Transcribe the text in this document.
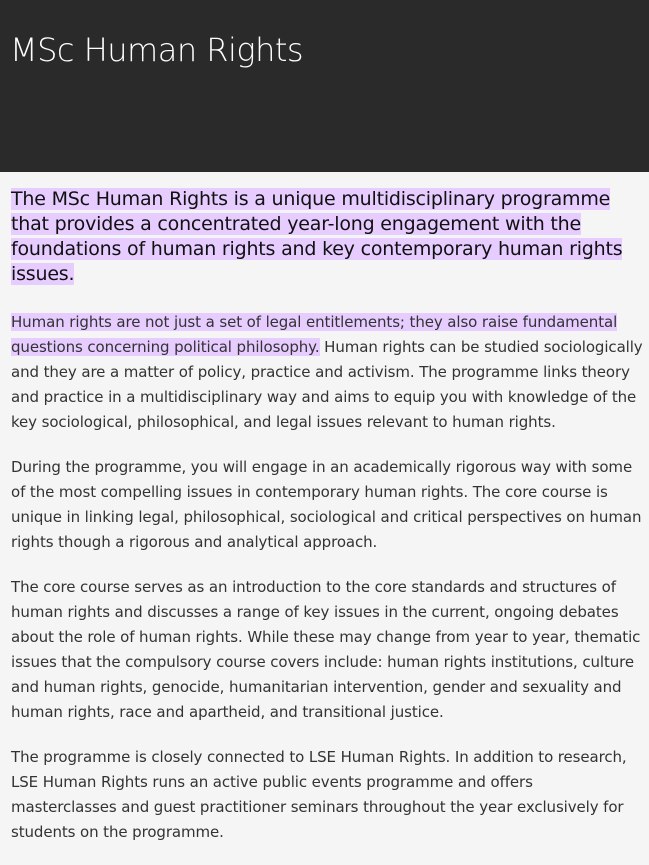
MSc Human Rights

The MSc Human Rights is a unique multidisciplinary programme that provides a concentrated year-long engagement with the foundations of human rights and key contemporary human rights issues.

Human rights are not just a set of legal entitlements; they also raise fundamental questions concerning political philosophy. Human rights can be studied sociologically and they are a matter of policy, practice and activism. The programme links theory and practice in a multidisciplinary way and aims to equip you with knowledge of the key sociological, philosophical, and legal issues relevant to human rights.

During the programme, you will engage in an academically rigorous way with some of the most compelling issues in contemporary human rights. The core course is unique in linking legal, philosophical, sociological and critical perspectives on human rights though a rigorous and analytical approach.

The core course serves as an introduction to the core standards and structures of human rights and discusses a range of key issues in the current, ongoing debates about the role of human rights. While these may change from year to year, thematic issues that the compulsory course covers include: human rights institutions, culture and human rights, genocide, humanitarian intervention, gender and sexuality and human rights, race and apartheid, and transitional justice.

The programme is closely connected to LSE Human Rights. In addition to research, LSE Human Rights runs an active public events programme and offers masterclasses and guest practitioner seminars throughout the year exclusively for students on the programme.
